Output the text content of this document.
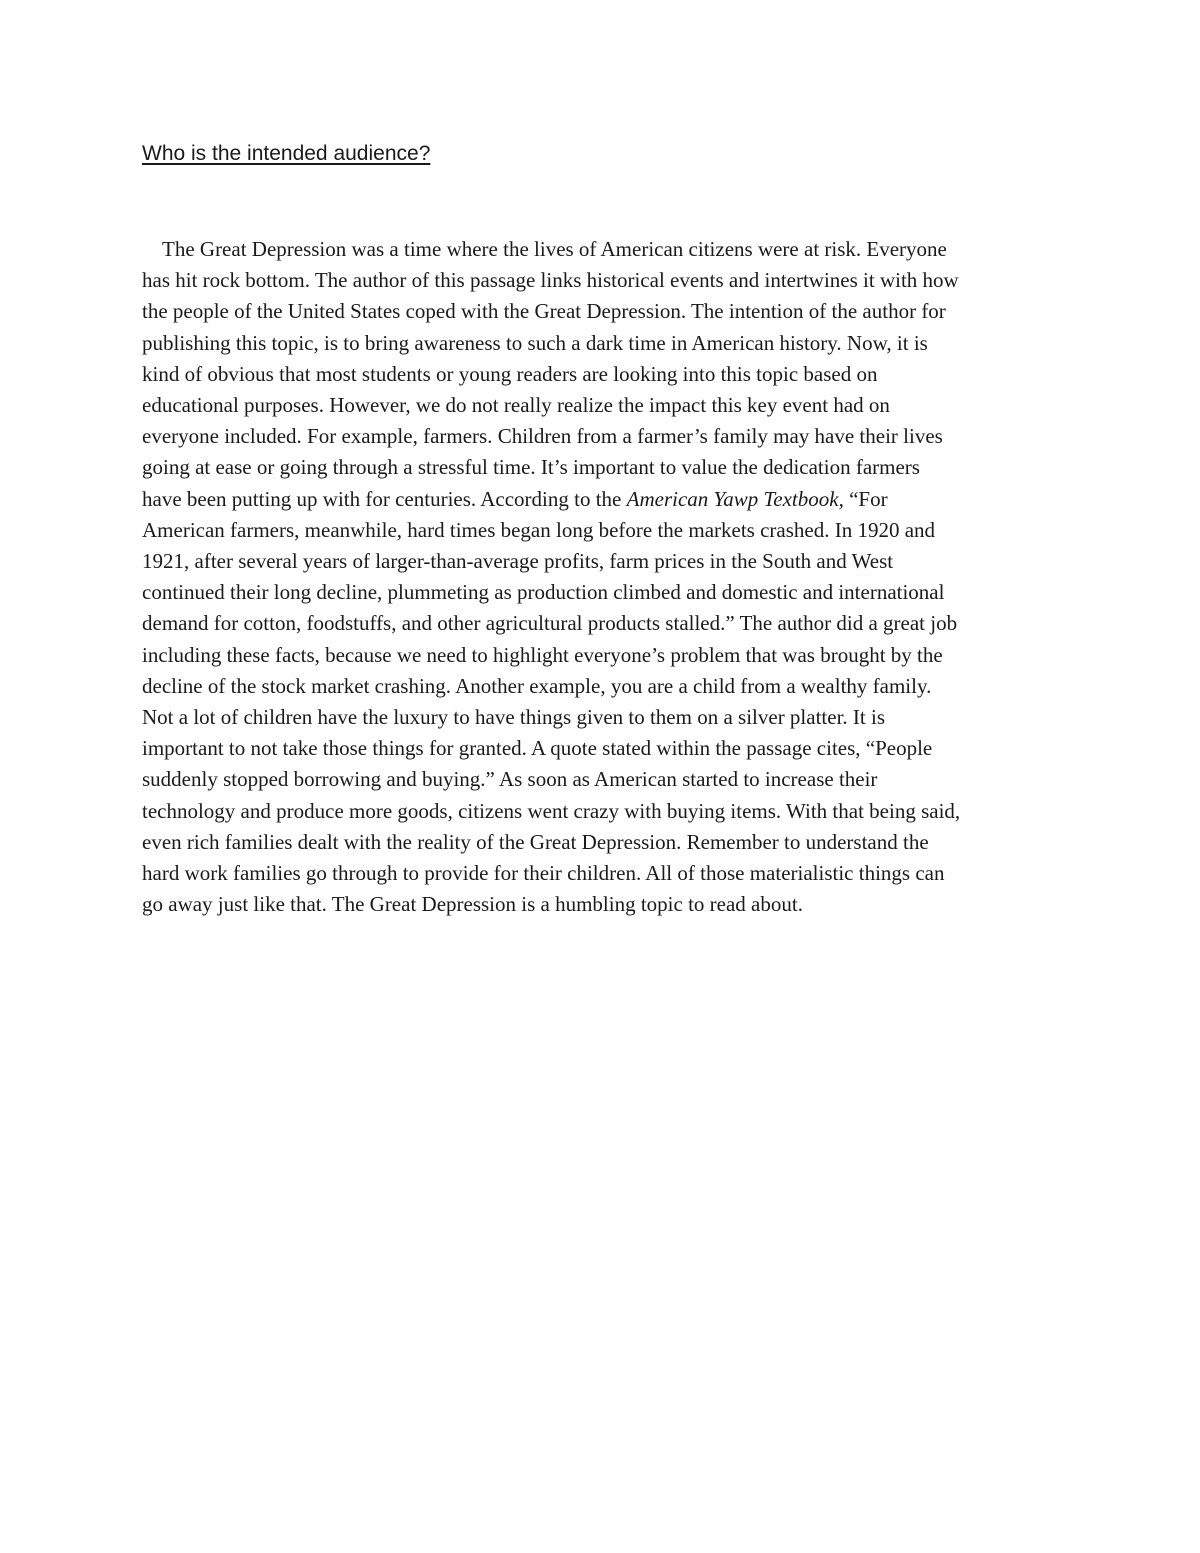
Who is the intended audience?
The Great Depression was a time where the lives of American citizens were at risk. Everyone
has hit rock bottom. The author of this passage links historical events and intertwines it with how
the people of the United States coped with the Great Depression. The intention of the author for
publishing this topic, is to bring awareness to such a dark time in American history. Now, it is
kind of obvious that most students or young readers are looking into this topic based on
educational purposes. However, we do not really realize the impact this key event had on
everyone included. For example, farmers. Children from a farmer’s family may have their lives
going at ease or going through a stressful time. It’s important to value the dedication farmers
have been putting up with for centuries. According to the American Yawp Textbook, “For
American farmers, meanwhile, hard times began long before the markets crashed. In 1920 and
1921, after several years of larger-than-average profits, farm prices in the South and West
continued their long decline, plummeting as production climbed and domestic and international
demand for cotton, foodstuffs, and other agricultural products stalled.” The author did a great job
including these facts, because we need to highlight everyone’s problem that was brought by the
decline of the stock market crashing. Another example, you are a child from a wealthy family.
Not a lot of children have the luxury to have things given to them on a silver platter. It is
important to not take those things for granted. A quote stated within the passage cites, “People
suddenly stopped borrowing and buying.” As soon as American started to increase their
technology and produce more goods, citizens went crazy with buying items. With that being said,
even rich families dealt with the reality of the Great Depression. Remember to understand the
hard work families go through to provide for their children. All of those materialistic things can
go away just like that. The Great Depression is a humbling topic to read about.
